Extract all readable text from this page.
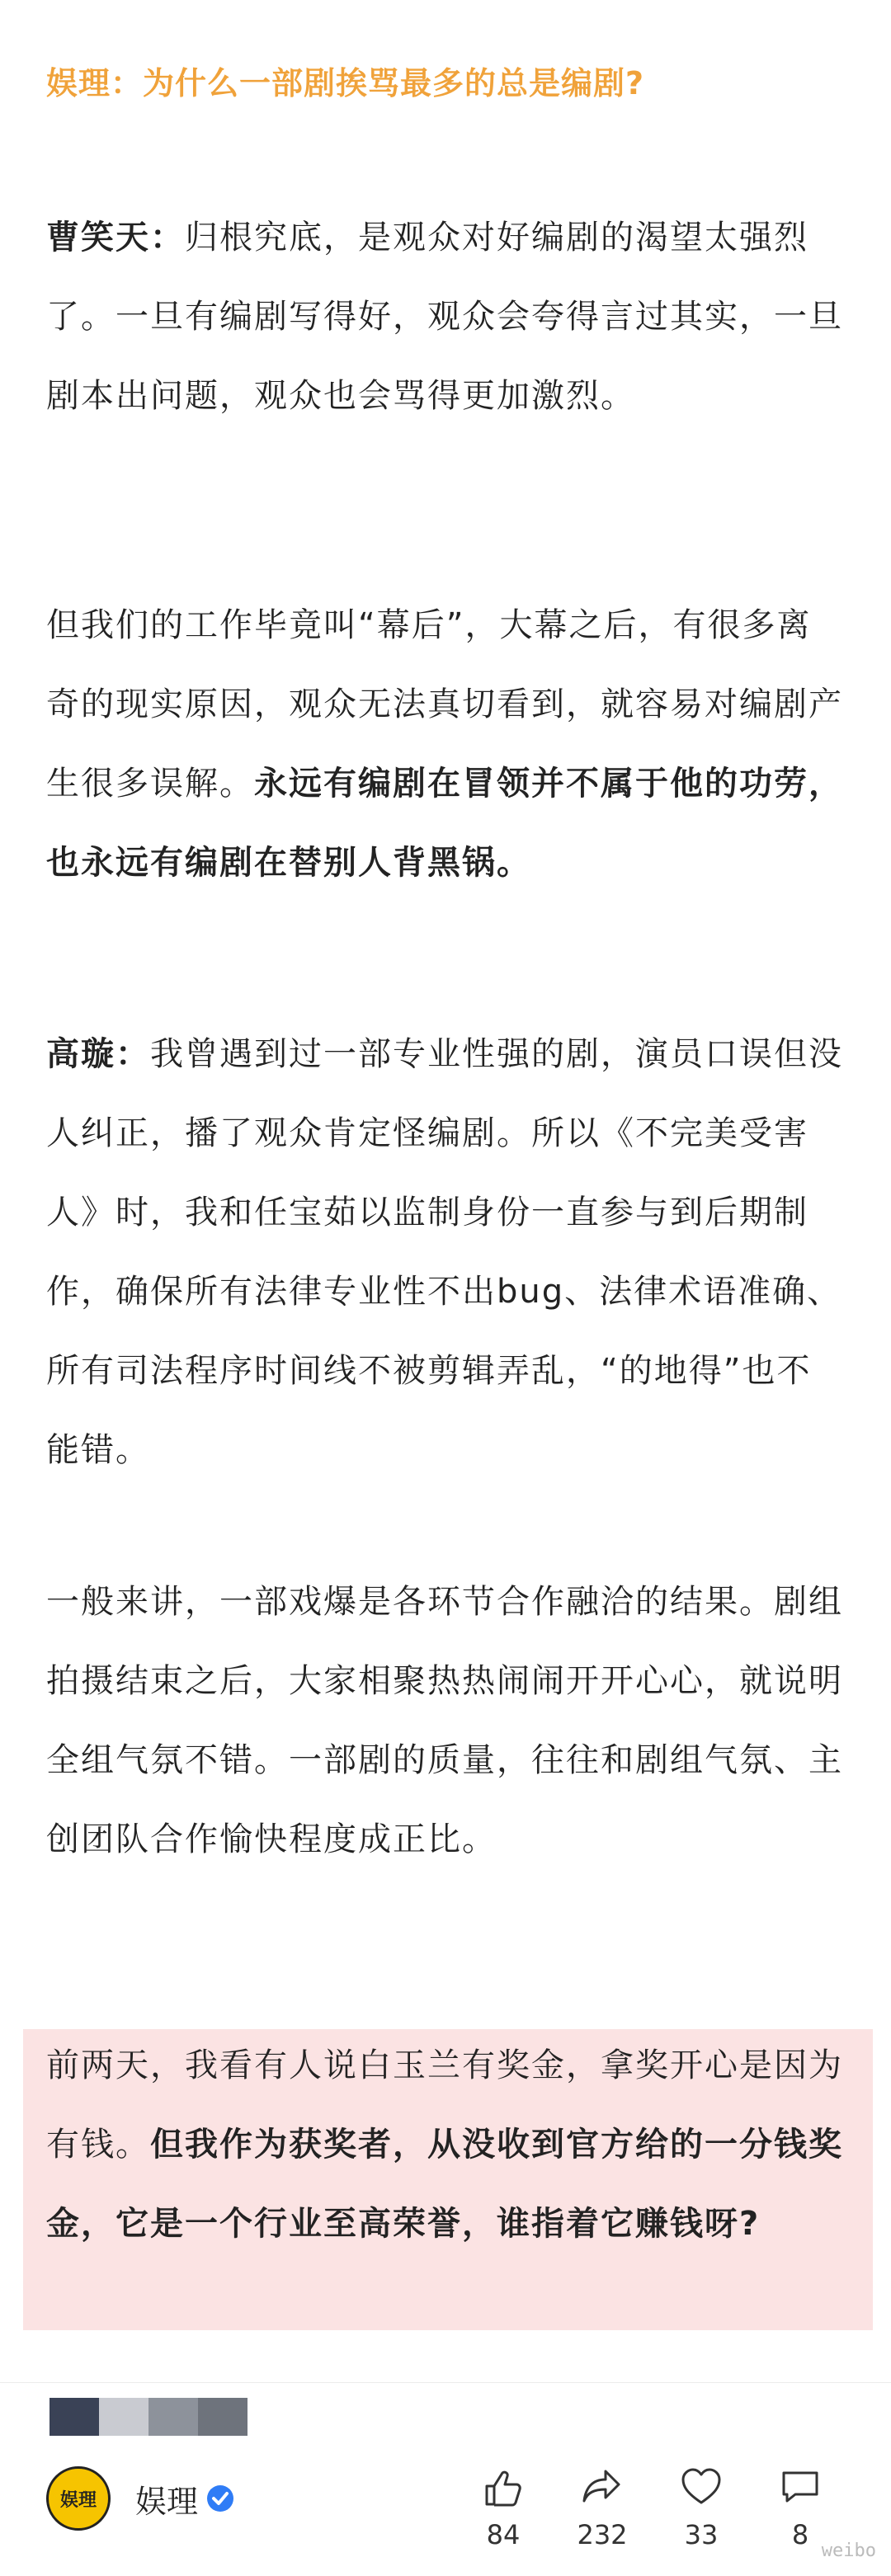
娱理：为什么一部剧挨骂最多的总是编剧?
曹笑天：归根究底，是观众对好编剧的渴望太强烈了。一旦有编剧写得好，观众会夸得言过其实，一旦剧本出问题，观众也会骂得更加激烈。
但我们的工作毕竟叫“幕后”，大幕之后，有很多离奇的现实原因，观众无法真切看到，就容易对编剧产生很多误解。永远有编剧在冒领并不属于他的功劳，也永远有编剧在替别人背黑锅。
高璇：我曾遇到过一部专业性强的剧，演员口误但没人纠正，播了观众肯定怪编剧。所以《不完美受害人》时，我和任宝茹以监制身份一直参与到后期制作，确保所有法律专业性不出bug、法律术语准确、所有司法程序时间线不被剪辑弄乱，“的地得”也不能错。
一般来讲，一部戏爆是各环节合作融洽的结果。剧组拍摄结束之后，大家相聚热热闹闹开开心心，就说明全组气氛不错。一部剧的质量，往往和剧组气氛、主创团队合作愉快程度成正比。
前两天，我看有人说白玉兰有奖金，拿奖开心是因为有钱。但我作为获奖者，从没收到官方给的一分钱奖金，它是一个行业至高荣誉，谁指着它赚钱呀?
娱理 娱理
84	232	33	8
weibo
